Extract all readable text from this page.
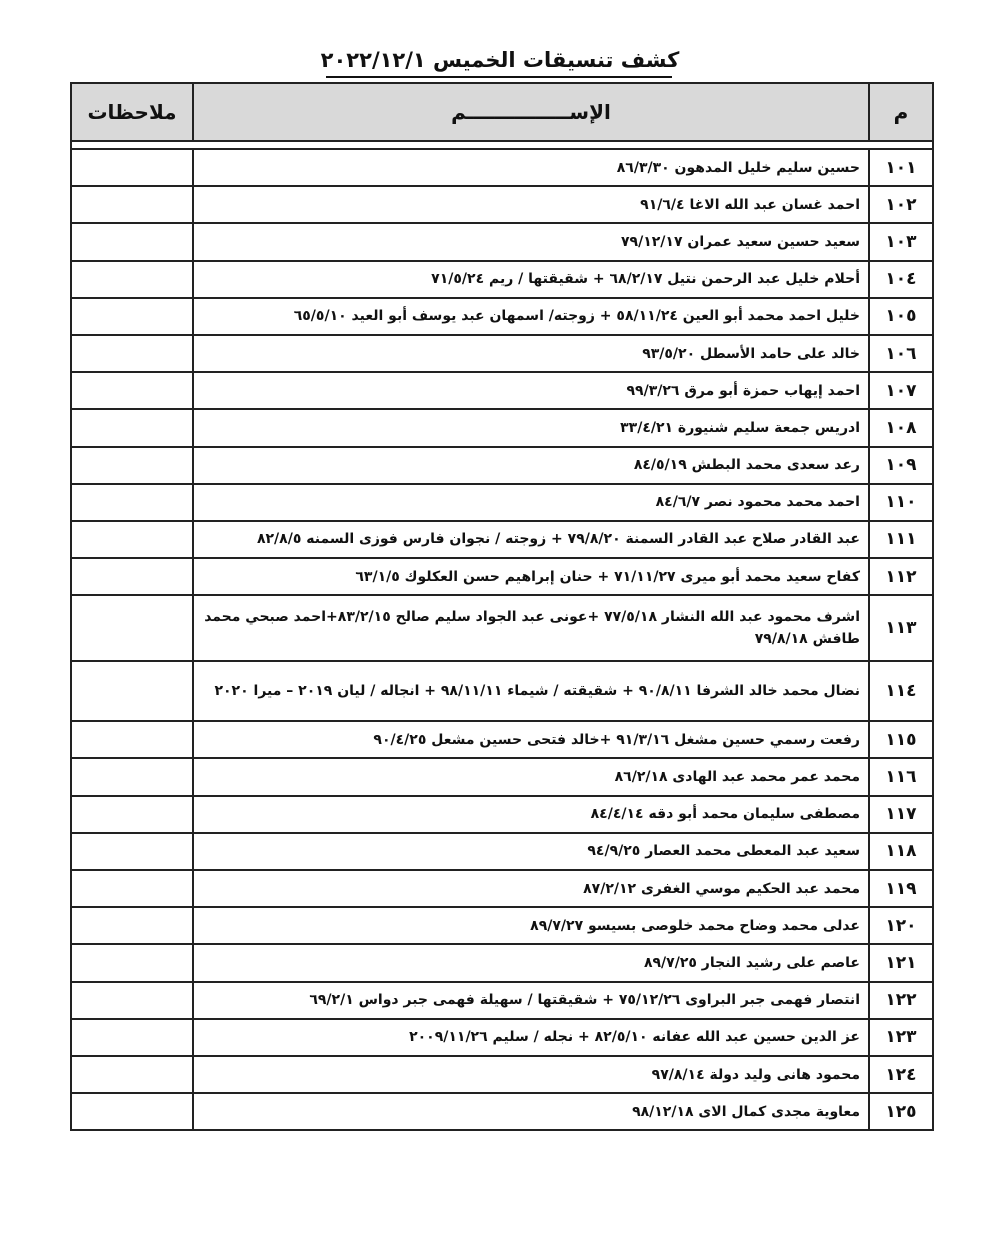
كشف تنسيقات الخميس ٢٠٢٢/١٢/١
م	الإســـــــــــــــم	ملاحظات

١٠١	حسين سليم خليل المدهون ٨٦/٣/٣٠	
١٠٢	احمد غسان عبد الله الاغا ٩١/٦/٤	
١٠٣	سعيد حسين سعيد عمران ٧٩/١٢/١٧	
١٠٤	أحلام خليل عبد الرحمن نتيل ٦٨/٢/١٧ + شقيقتها / ريم ٧١/٥/٢٤	
١٠٥	خليل احمد محمد أبو العين ٥٨/١١/٢٤ + زوجته/ اسمهان عبد يوسف أبو العيد ٦٥/٥/١٠	
١٠٦	خالد على حامد الأسطل ٩٣/٥/٢٠	
١٠٧	احمد إيهاب حمزة أبو مرق ٩٩/٣/٢٦	
١٠٨	ادريس جمعة سليم شنيورة ٣٣/٤/٢١	
١٠٩	رعد سعدى محمد البطش ٨٤/٥/١٩	
١١٠	احمد محمد محمود نصر ٨٤/٦/٧	
١١١	عبد القادر صلاح عبد القادر السمنة ٧٩/٨/٢٠ + زوجته / نجوان فارس فوزى السمنه ٨٢/٨/٥	
١١٢	كفاح سعيد محمد أبو ميرى ٧١/١١/٢٧ + حنان إبراهيم حسن العكلوك ٦٣/١/٥	
١١٣	اشرف محمود عبد الله النشار ٧٧/٥/١٨ +عونى عبد الجواد سليم صالح ٨٣/٢/١٥+احمد صبحي محمد طافش ٧٩/٨/١٨	
١١٤	نضال محمد خالد الشرفا ٩٠/٨/١١ + شقيقته / شيماء ٩٨/١١/١١ + انجاله / ليان ٢٠١٩ – ميرا ٢٠٢٠	
١١٥	رفعت رسمي حسين مشغل ٩١/٣/١٦ +خالد فتحى حسين مشعل ٩٠/٤/٢٥	
١١٦	محمد عمر محمد عبد الهادى ٨٦/٢/١٨	
١١٧	مصطفى سليمان محمد أبو دقه ٨٤/٤/١٤	
١١٨	سعيد عبد المعطى محمد العصار ٩٤/٩/٢٥	
١١٩	محمد عبد الحكيم موسي الغفرى ٨٧/٢/١٢	
١٢٠	عدلى محمد وضاح محمد خلوصى بسيسو ٨٩/٧/٢٧	
١٢١	عاصم على رشيد النجار ٨٩/٧/٢٥	
١٢٢	انتصار فهمى جبر البراوى ٧٥/١٢/٢٦ + شقيقتها / سهيلة فهمى جبر دواس ٦٩/٢/١	
١٢٣	عز الدين حسين عبد الله عفانه ٨٢/٥/١٠ + نجله / سليم ٢٠٠٩/١١/٢٦	
١٢٤	محمود هانى وليد دولة ٩٧/٨/١٤	
١٢٥	معاوية مجدى كمال الاى ٩٨/١٢/١٨	
